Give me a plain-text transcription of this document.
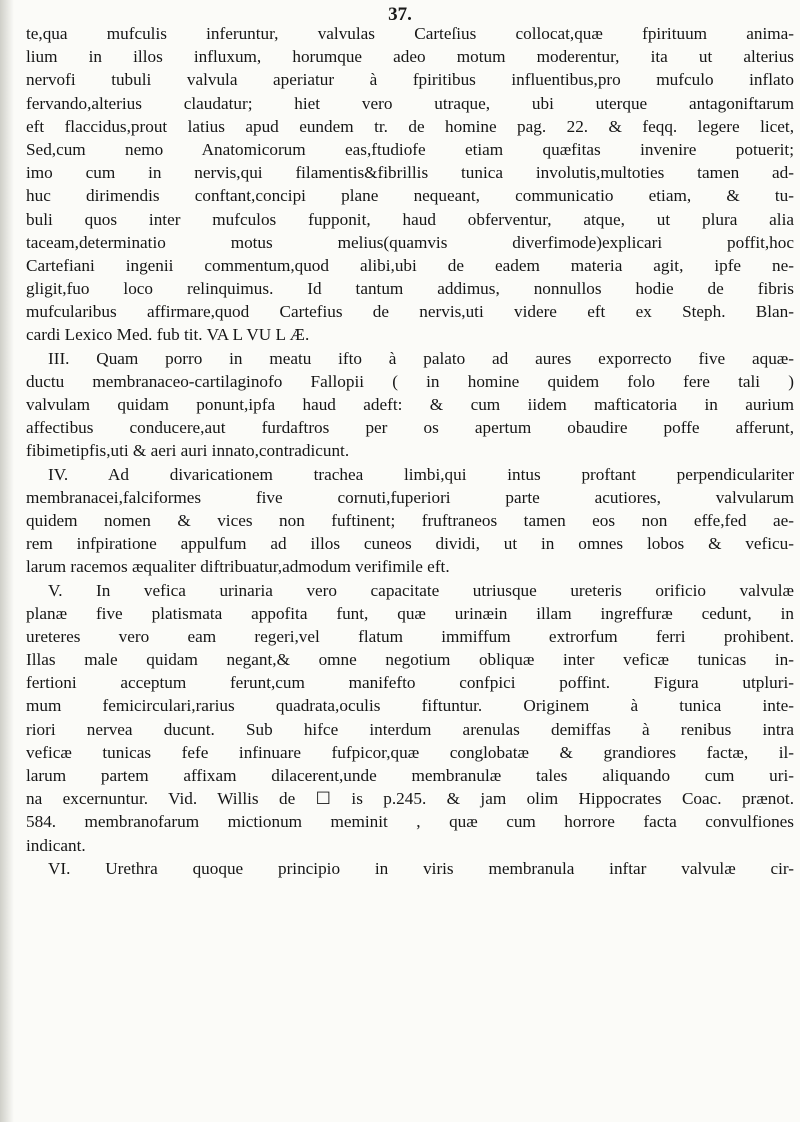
37.
te,qua mufculis inferuntur, valvulas Carteſius collocat,quæ fpirituum anima-
lium in illos influxum, horumque adeo motum moderentur, ita ut alterius
nervofi tubuli valvula aperiatur à fpiritibus influentibus,pro mufculo inflato
fervando,alterius claudatur; hiet vero utraque, ubi uterque antagoniftarum
eft flaccidus,prout latius apud eundem tr. de homine pag. 22. & feqq. legere licet,
Sed,cum nemo Anatomicorum eas,ftudiofe etiam quæfitas invenire potuerit;
imo cum in nervis,qui filamentis&fibrillis tunica involutis,multoties tamen ad-
huc dirimendis conftant,concipi plane nequeant, communicatio etiam, & tu-
buli quos inter mufculos fupponit, haud obferventur, atque, ut plura alia
taceam,determinatio motus melius(quamvis diverfimode)explicari poffit,hoc
Cartefiani ingenii commentum,quod alibi,ubi de eadem materia agit, ipfe ne-
gligit,fuo loco relinquimus. Id tantum addimus, nonnullos hodie de fibris
mufcularibus affirmare,quod Cartefius de nervis,uti videre eft ex Steph. Blan-
cardi Lexico Med. fub tit. VA L VU L Æ.
III. Quam porro in meatu ifto à palato ad aures exporrecto five aquæ-
ductu membranaceo-cartilaginofo Fallopii ( in homine quidem folo fere tali )
valvulam quidam ponunt,ipfa haud adeft: & cum iidem mafticatoria in aurium
affectibus conducere,aut furdaftros per os apertum obaudire poffe afferunt,
fibimetipfis,uti & aeri auri innato,contradicunt.
IV. Ad divaricationem trachea limbi,qui intus proftant perpendiculariter
membranacei,falciformes five cornuti,fuperiori parte acutiores, valvularum
quidem nomen & vices non fuftinent; fruftraneos tamen eos non effe,fed ae-
rem infpiratione appulfum ad illos cuneos dividi, ut in omnes lobos & veficu-
larum racemos æqualiter diftribuatur,admodum verifimile eft.
V. In vefica urinaria vero capacitate utriusque ureteris orificio valvulæ
planæ five platismata appofita funt, quæ urinæin illam ingreffuræ cedunt, in
ureteres vero eam regeri,vel flatum immiffum extrorfum ferri prohibent.
Illas male quidam negant,& omne negotium obliquæ inter veficæ tunicas in-
fertioni acceptum ferunt,cum manifefto confpici poffint. Figura utpluri-
mum femicirculari,rarius quadrata,oculis fiftuntur. Originem à tunica inte-
riori nervea ducunt. Sub hifce interdum arenulas demiffas à renibus intra
veficæ tunicas fefe infinuare fufpicor,quæ conglobatæ & grandiores factæ, il-
larum partem affixam dilacerent,unde membranulæ tales aliquando cum uri-
na excernuntur. Vid. Willis de ☐ is p.245. & jam olim Hippocrates Coac. prænot.
584. membranofarum mictionum meminit , quæ cum horrore facta convulfiones
indicant.
VI. Urethra quoque principio in viris membranula inftar valvulæ cir-
